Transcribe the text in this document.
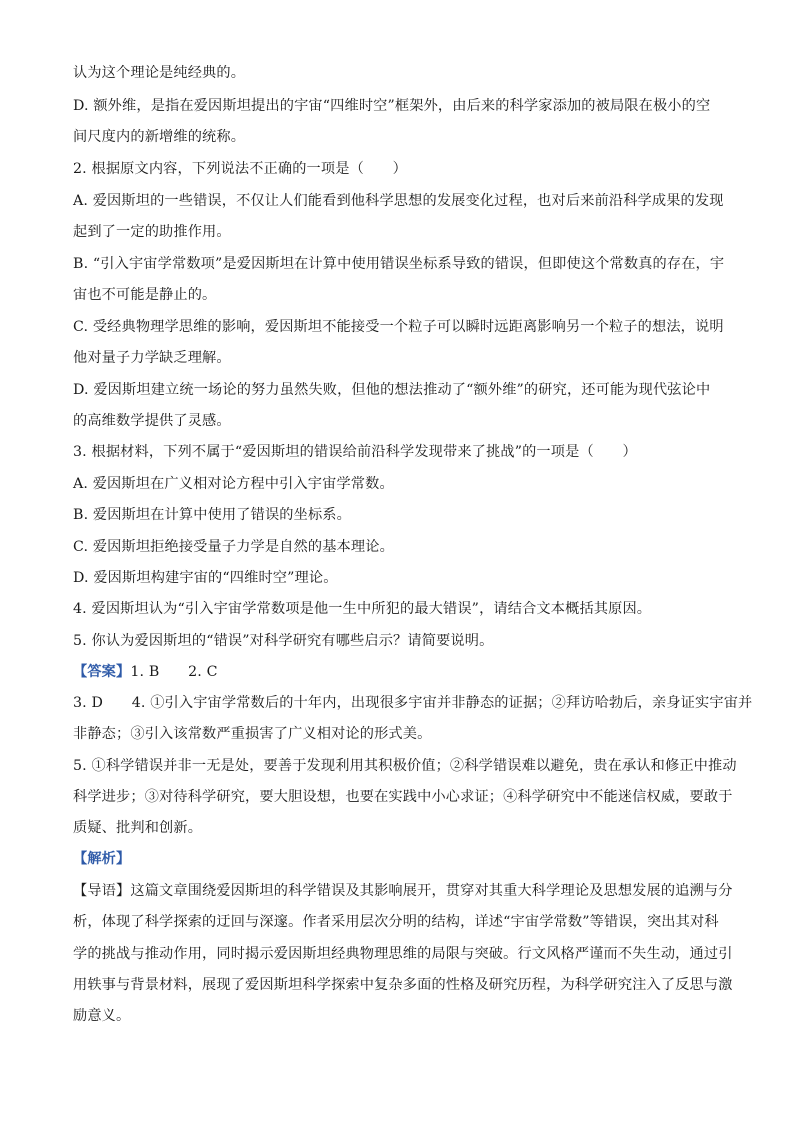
认为这个理论是纯经典的。
D. 额外维，是指在爱因斯坦提出的宇宙“四维时空”框架外，由后来的科学家添加的被局限在极小的空
间尺度内的新增维的统称。
2. 根据原文内容，下列说法不正确的一项是（　　）
A. 爱因斯坦的一些错误，不仅让人们能看到他科学思想的发展变化过程，也对后来前沿科学成果的发现
起到了一定的助推作用。
B. “引入宇宙学常数项”是爱因斯坦在计算中使用错误坐标系导致的错误，但即使这个常数真的存在，宇
宙也不可能是静止的。
C. 受经典物理学思维的影响，爱因斯坦不能接受一个粒子可以瞬时远距离影响另一个粒子的想法，说明
他对量子力学缺乏理解。
D. 爱因斯坦建立统一场论的努力虽然失败，但他的想法推动了“额外维”的研究，还可能为现代弦论中
的高维数学提供了灵感。
3. 根据材料，下列不属于“爱因斯坦的错误给前沿科学发现带来了挑战”的一项是（　　）
A. 爱因斯坦在广义相对论方程中引入宇宙学常数。
B. 爱因斯坦在计算中使用了错误的坐标系。
C. 爱因斯坦拒绝接受量子力学是自然的基本理论。
D. 爱因斯坦构建宇宙的“四维时空”理论。
4. 爱因斯坦认为“引入宇宙学常数项是他一生中所犯的最大错误”，请结合文本概括其原因。
5. 你认为爱因斯坦的“错误”对科学研究有哪些启示？请简要说明。
【答案】1. B　　2. C
3. D　　4. ①引入宇宙学常数后的十年内，出现很多宇宙并非静态的证据；②拜访哈勃后，亲身证实宇宙并
非静态；③引入该常数严重损害了广义相对论的形式美。
5. ①科学错误并非一无是处，要善于发现利用其积极价值；②科学错误难以避免，贵在承认和修正中推动
科学进步；③对待科学研究，要大胆设想，也要在实践中小心求证；④科学研究中不能迷信权威，要敢于
质疑、批判和创新。
【解析】
【导语】这篇文章围绕爱因斯坦的科学错误及其影响展开，贯穿对其重大科学理论及思想发展的追溯与分
析，体现了科学探索的迂回与深邃。作者采用层次分明的结构，详述“宇宙学常数”等错误，突出其对科
学的挑战与推动作用，同时揭示爱因斯坦经典物理思维的局限与突破。行文风格严谨而不失生动，通过引
用轶事与背景材料，展现了爱因斯坦科学探索中复杂多面的性格及研究历程，为科学研究注入了反思与激
励意义。
